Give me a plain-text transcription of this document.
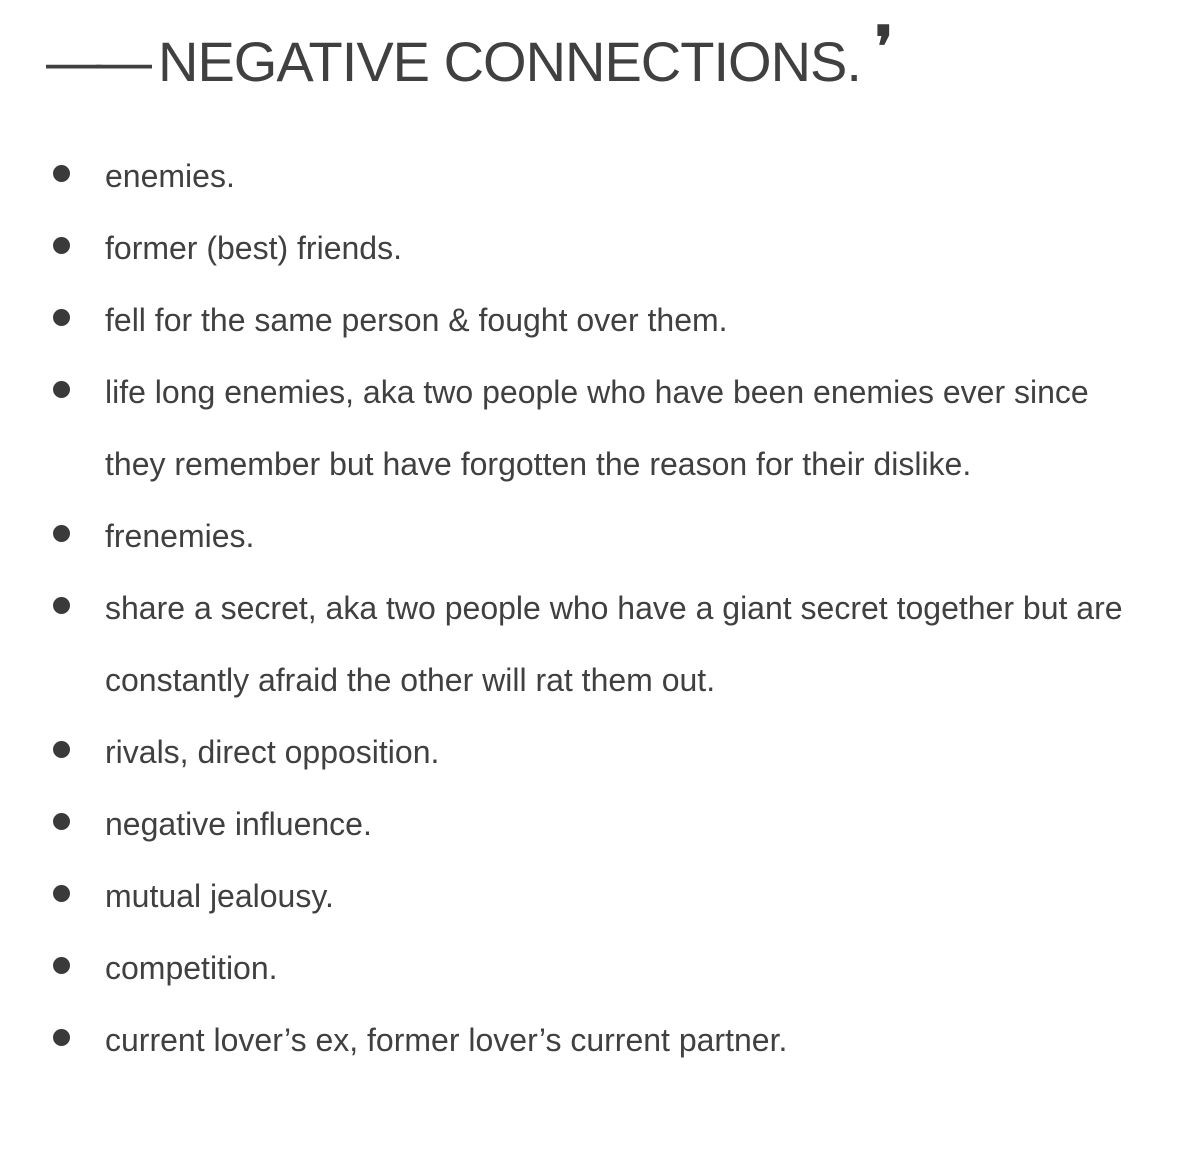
—— NEGATIVE CONNECTIONS. ❜
enemies.
former (best) friends.
fell for the same person & fought over them.
life long enemies, aka two people who have been enemies ever since they remember but have forgotten the reason for their dislike.
frenemies.
share a secret, aka two people who have a giant secret together but are constantly afraid the other will rat them out.
rivals, direct opposition.
negative influence.
mutual jealousy.
competition.
current lover’s ex, former lover’s current partner.
